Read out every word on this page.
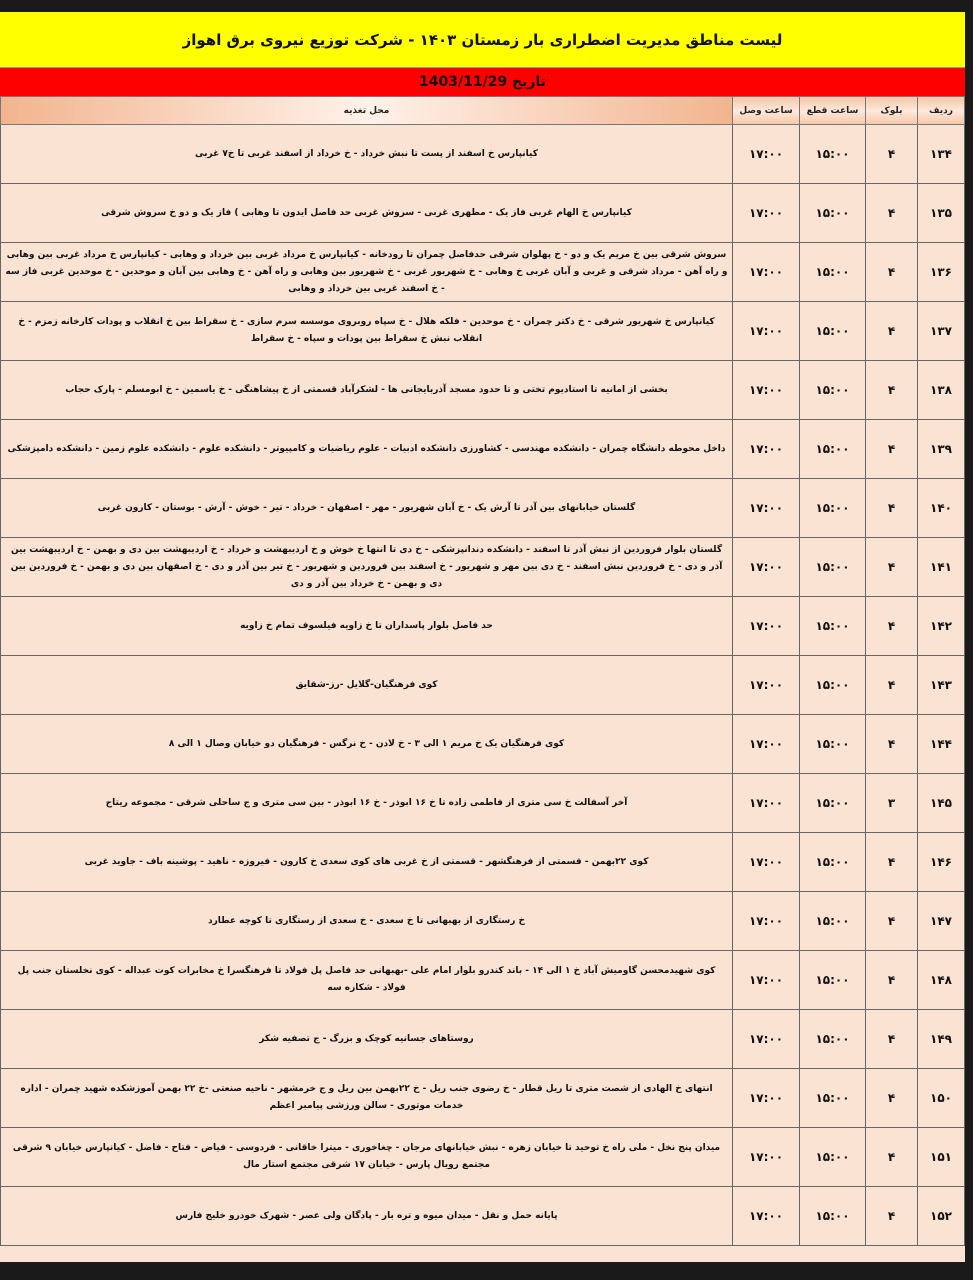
لیست مناطق مدیریت اضطراری بار زمستان ۱۴۰۳ - شرکت توزیع نیروی برق اهواز
تاریخ 1403/11/29
ردیف	بلوک	ساعت قطع	ساعت وصل	محل تغذیه
۱۳۴	۴	۱۵:۰۰	۱۷:۰۰	کیانپارس خ اسفند از پست تا نبش خرداد - خ خرداد از اسفند غربی تا خ۷ غربی
۱۳۵	۴	۱۵:۰۰	۱۷:۰۰	کیانپارس خ الهام غربی فاز یک - مطهری غربی - سروش غربی حد فاصل ایدون تا وهابی ) فاز یک و دو خ سروش شرقی
۱۳۶	۴	۱۵:۰۰	۱۷:۰۰	سروش شرقی بین خ مریم یک و دو - خ پهلوان شرقی حدفاصل چمران تا رودخانه - کیانپارس خ مرداد غربی بین خرداد و وهابی - کیانپارس خ مرداد غربی بین وهابی و راه آهن - مرداد شرقی و غربی و آبان غربی خ وهابی - خ شهریور غربی - خ شهریور بین وهابی و راه آهن - خ وهابی بین آبان و موحدین - خ موحدین غربی فاز سه - خ اسفند غربی بین خرداد و وهابی
۱۳۷	۴	۱۵:۰۰	۱۷:۰۰	کیانپارس خ شهریور شرقی - خ دکتر چمران - خ موحدین - فلکه هلال - خ سپاه روبروی موسسه سرم سازی - خ سقراط بین خ انقلاب و پودات کارخانه زمزم - خ انقلاب نبش خ سقراط بین پودات و سپاه - خ سقراط
۱۳۸	۴	۱۵:۰۰	۱۷:۰۰	بخشی از امانیه تا استادیوم تختی و تا حدود مسجد آذربایجانی ها - لشکرآباد قسمتی از خ پیشاهنگی - خ یاسمین - خ ابومسلم - پارک حجاب
۱۳۹	۴	۱۵:۰۰	۱۷:۰۰	داخل محوطه دانشگاه چمران - دانشکده مهندسی - کشاورزی دانشکده ادبیات - علوم ریاضیات و کامپیوتر - دانشکده علوم - دانشکده علوم زمین - دانشکده دامپزشکی
۱۴۰	۴	۱۵:۰۰	۱۷:۰۰	گلستان خیابانهای بین آذر تا آرش یک - خ آبان شهریور - مهر - اصفهان - خرداد - تیر - خوش - آرش - بوستان - کارون غربی
۱۴۱	۴	۱۵:۰۰	۱۷:۰۰	گلستان بلوار فروردین از نبش آذر تا اسفند - دانشکده دندانپزشکی - خ دی تا انتها خ خوش و خ اردیبهشت و خرداد - خ اردیبهشت بین دی و بهمن - خ اردیبهشت بین آذر و دی - خ فروردین نبش اسفند - خ دی بین مهر و شهریور - خ اسفند بین فروردین و شهریور - خ تیر بین آذر و دی - خ اصفهان بین دی و بهمن - خ فروردین بین دی و بهمن - خ خرداد بین آذر و دی
۱۴۲	۴	۱۵:۰۰	۱۷:۰۰	حد فاصل بلوار پاسداران تا خ زاویه فیلسوف تمام خ زاویه
۱۴۳	۴	۱۵:۰۰	۱۷:۰۰	کوی فرهنگیان-گلایل -رز-شقایق
۱۴۴	۴	۱۵:۰۰	۱۷:۰۰	کوی فرهنگیان یک خ مریم ۱ الی ۳ - خ لادن - خ نرگس - فرهنگیان دو خیابان وصال ۱ الی ۸
۱۴۵	۳	۱۵:۰۰	۱۷:۰۰	آخر آسفالت خ سی متری از فاطمی زاده تا خ ۱۶ ابوذر - خ ۱۶ ابوذر - بین سی متری و ج ساحلی شرقی - مجموعه ریتاج
۱۴۶	۴	۱۵:۰۰	۱۷:۰۰	کوی ۲۲بهمن - قسمتی از فرهنگشهر - قسمتی از خ غربی های کوی سعدی خ کارون - فیروزه - ناهید - پوشینه باف - جاوید غربی
۱۴۷	۴	۱۵:۰۰	۱۷:۰۰	خ رستگاری از بهبهانی تا خ سعدی - خ سعدی از رستگاری تا کوچه عطارد
۱۴۸	۴	۱۵:۰۰	۱۷:۰۰	کوی شهیدمحسن گاومیش آباد خ ۱ الی ۱۴ - باند کندرو بلوار امام علی -بهبهانی حد فاصل پل فولاد تا فرهنگسرا خ مخابرات کوت عبداله - کوی نخلستان جنب پل فولاد - شکاره سه
۱۴۹	۴	۱۵:۰۰	۱۷:۰۰	روستاهای جسانیه کوچک و بزرگ - ج تصفیه شکر
۱۵۰	۴	۱۵:۰۰	۱۷:۰۰	انتهای خ الهادی از شصت متری تا ریل قطار - خ رضوی جنب ریل - خ ۲۲بهمن بین ریل و ج خرمشهر - ناحیه صنعتی -خ ۲۲ بهمن آموزشکده شهید چمران - اداره خدمات موتوری - سالن ورزشی پیامبر اعظم
۱۵۱	۴	۱۵:۰۰	۱۷:۰۰	میدان پنج نخل - ملی راه خ توحید تا خیابان زهره - نبش خیابانهای مرجان - چغاخوری - میترا خاقانی - فردوسی - فیاض - فتاح - فاضل - کیانپارس خیابان ۹ شرقی مجتمع رویال پارس - خیابان ۱۷ شرقی مجتمع استار مال
۱۵۲	۴	۱۵:۰۰	۱۷:۰۰	پایانه حمل و نقل - میدان میوه و تره بار - پادگان ولی عصر - شهرک خودرو خلیج فارس
